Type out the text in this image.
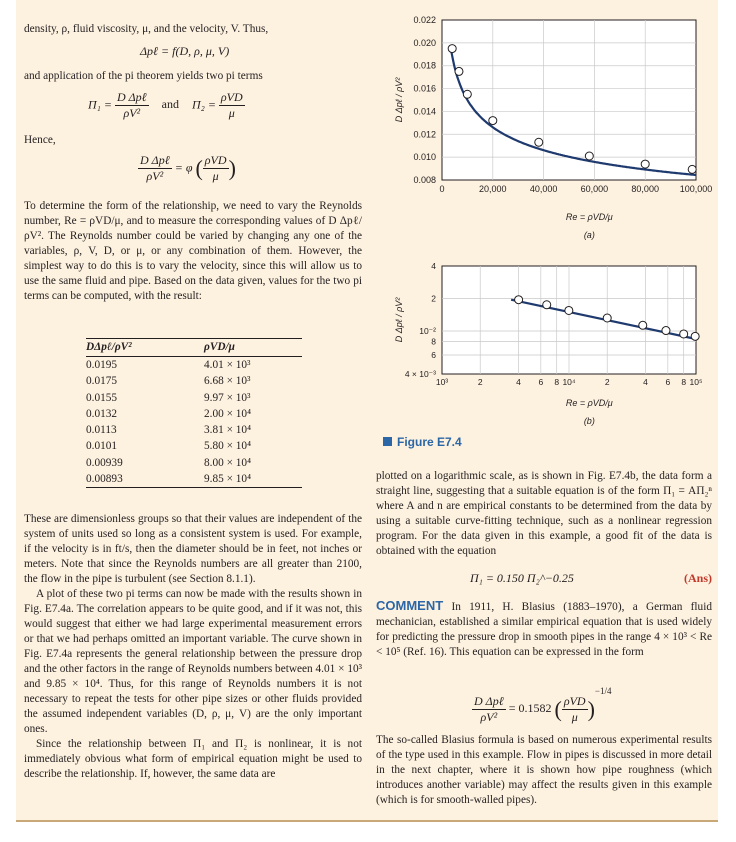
density, ρ, fluid viscosity, μ, and the velocity, V. Thus,

Δpℓ = f(D, ρ, μ, V)

and application of the pi theorem yields two pi terms

$\Pi_1 = \frac{\text{D Δpℓ}}{\text{ρV²}}$ and $\Pi_2 = \frac{\text{ρVD}}{\mu}$

Hence,

$\frac{\text{D Δpℓ}}{\text{ρV²}} = \varphi$ ( $\frac{\text{ρVD}}{\mu}$ )

To determine the form of the relationship, we need to vary the Reynolds number, Re = ρVD/μ, and to measure the corresponding values of D Δpℓ/ρV². The Reynolds number could be varied by changing any one of the variables, ρ, V, D, or μ, or any combination of them. However, the simplest way to do this is to vary the velocity, since this will allow us to use the same fluid and pipe. Based on the data given, values for the two pi terms can be computed, with the result:

DΔpℓ/ρV²	ρVD/μ
0.0195	4.01 × 10³
0.0175	6.68 × 10³
0.0155	9.97 × 10³
0.0132	2.00 × 10⁴
0.0113	3.81 × 10⁴
0.0101	5.80 × 10⁴
0.00939	8.00 × 10⁴
0.00893	9.85 × 10⁴

These are dimensionless groups so that their values are independent of the system of units used so long as a consistent system is used. For example, if the velocity is in ft/s, then the diameter should be in feet, not inches or meters. Note that since the Reynolds numbers are all greater than 2100, the flow in the pipe is turbulent (see Section 8.1.1).

A plot of these two pi terms can now be made with the results shown in Fig. E7.4a. The correlation appears to be quite good, and if it was not, this would suggest that either we had large experimental measurement errors or that we had perhaps omitted an important variable. The curve shown in Fig. E7.4a represents the general relationship between the pressure drop and the other factors in the range of Reynolds numbers between 4.01 × 10³ and 9.85 × 10⁴. Thus, for this range of Reynolds numbers it is not necessary to repeat the tests for other pipe sizes or other fluids provided the assumed independent variables (D, ρ, μ, V) are the only important ones.

Since the relationship between Π₁ and Π₂ is nonlinear, it is not immediately obvious what form of empirical equation might be used to describe the relationship. If, however, the same data are

0.008
0.010
0.012
0.014
0.016
0.018
0.020
0.022
0	20,000	40,000	60,000	80,000 100,000
D Δpℓ / ρV²
Re = ρVD/μ
(a)
10³	2	4 6 8 10⁴	2	4 6 8 10⁵
4 × 10⁻³
6
8
10⁻²
2
4
D Δpℓ / ρV²
Re = ρVD/μ
(b)
Figure E7.4

plotted on a logarithmic scale, as is shown in Fig. E7.4b, the data form a straight line, suggesting that a suitable equation is of the form Π₁ = AΠ₂ⁿ where A and n are empirical constants to be determined from the data by using a suitable curve-fitting technique, such as a nonlinear regression program. For the data given in this example, a good fit of the data is obtained with the equation

Π₁ = 0.150 Π₂^−0.25	(Ans)

COMMENT In 1911, H. Blasius (1883–1970), a German fluid mechanician, established a similar empirical equation that is used widely for predicting the pressure drop in smooth pipes in the range 4 × 10³ < Re < 10⁵ (Ref. 16). This equation can be expressed in the form

$\frac{\text{D Δpℓ}}{\text{ρV²}} = 0.1582$ ( $\frac{\text{ρVD}}{\mu} )^{-1/4}$

The so-called Blasius formula is based on numerous experimental results of the type used in this example. Flow in pipes is discussed in more detail in the next chapter, where it is shown how pipe roughness (which introduces another variable) may affect the results given in this example (which is for smooth-walled pipes).
